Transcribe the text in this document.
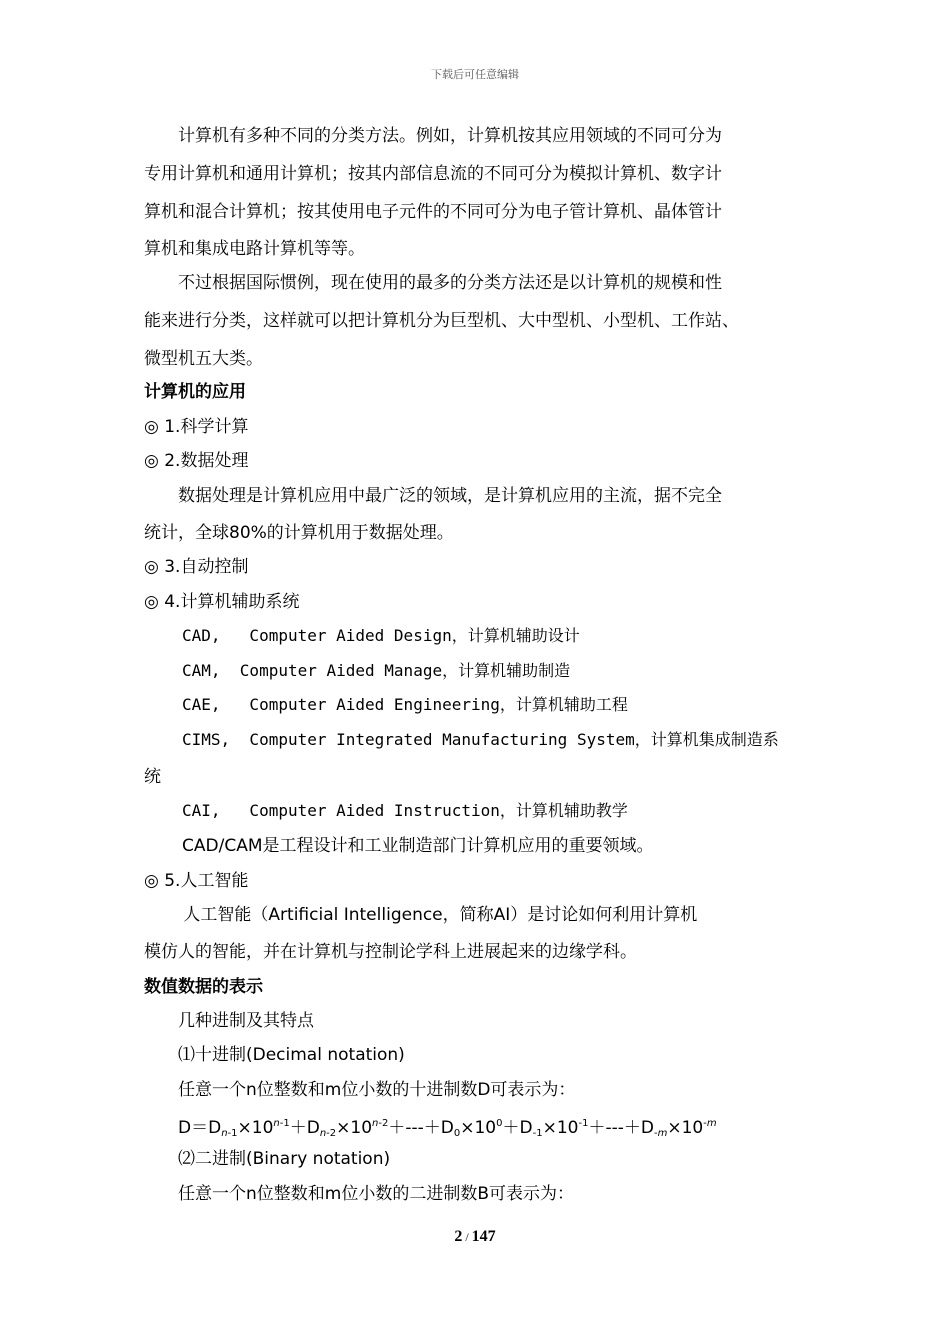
下载后可任意编辑
计算机有多种不同的分类方法。例如，计算机按其应用领域的不同可分为
专用计算机和通用计算机；按其内部信息流的不同可分为模拟计算机、数字计
算机和混合计算机；按其使用电子元件的不同可分为电子管计算机、晶体管计
算机和集成电路计算机等等。
不过根据国际惯例，现在使用的最多的分类方法还是以计算机的规模和性
能来进行分类，这样就可以把计算机分为巨型机、大中型机、小型机、工作站、
微型机五大类。
计算机的应用
◎ 1.科学计算
◎ 2.数据处理
数据处理是计算机应用中最广泛的领域，是计算机应用的主流，据不完全
统计，全球80%的计算机用于数据处理。
◎ 3.自动控制
◎ 4.计算机辅助系统
CAD,   Computer Aided Design，计算机辅助设计
CAM,  Computer Aided Manage，计算机辅助制造
CAE,   Computer Aided Engineering，计算机辅助工程
CIMS,  Computer Integrated Manufacturing System，计算机集成制造系
统
CAI,   Computer Aided Instruction，计算机辅助教学
CAD/CAM是工程设计和工业制造部门计算机应用的重要领域。
◎ 5.人工智能
人工智能（Artificial Intelligence，简称AI）是讨论如何利用计算机
模仿人的智能，并在计算机与控制论学科上进展起来的边缘学科。
数值数据的表示
几种进制及其特点
⑴十进制(Decimal notation)
任意一个n位整数和m位小数的十进制数D可表示为：
$D=D_{n-1}\times 10^{n-1}+D_{n-2}\times 10^{n-2}+---+D_0\times 10^0+D_{-1}\times 10^{-1}+---+D_{-m}\times 10^{-m}$
⑵二进制(Binary notation)
任意一个n位整数和m位小数的二进制数B可表示为：
2 / 147
